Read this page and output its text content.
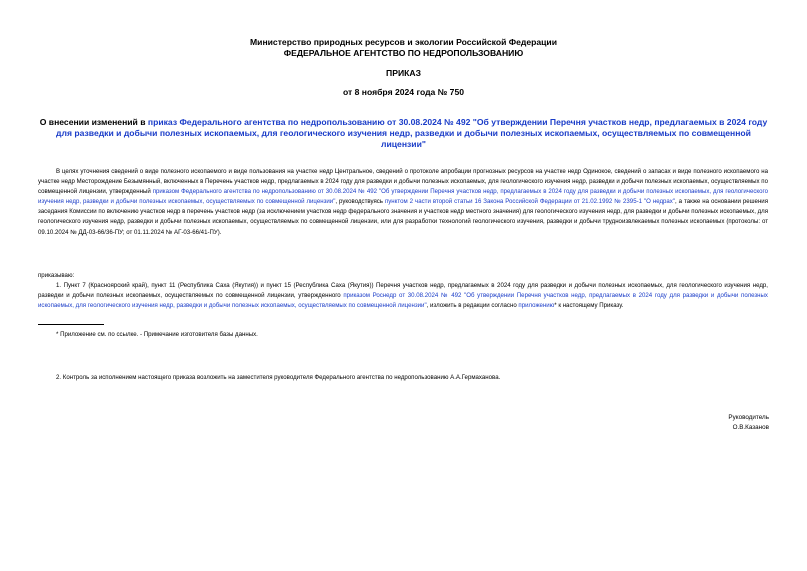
Министерство природных ресурсов и экологии Российской Федерации
ФЕДЕРАЛЬНОЕ АГЕНТСТВО ПО НЕДРОПОЛЬЗОВАНИЮ
ПРИКАЗ
от 8 ноября 2024 года № 750
О внесении изменений в приказ Федерального агентства по недропользованию от 30.08.2024 № 492 "Об утверждении Перечня участков недр, предлагаемых в 2024 году для разведки и добычи полезных ископаемых, для геологического изучения недр, разведки и добычи полезных ископаемых, осуществляемых по совмещенной лицензии"
В целях уточнения сведений о виде полезного ископаемого и виде пользования на участке недр Центральное, сведений о протоколе апробации прогнозных ресурсов на участке недр Одинокое, сведений о запасах и виде полезного ископаемого на участке недр Месторождение Безымянный, включенных в Перечень участков недр, предлагаемых в 2024 году для разведки и добычи полезных ископаемых, для геологического изучения недр, разведки и добычи полезных ископаемых, осуществляемых по совмещенной лицензии, утвержденный приказом Федерального агентства по недропользованию от 30.08.2024 № 492 "Об утверждении Перечня участков недр, предлагаемых в 2024 году для разведки и добычи полезных ископаемых, для геологического изучения недр, разведки и добычи полезных ископаемых, осуществляемых по совмещенной лицензии", руководствуясь пунктом 2 части второй статьи 16 Закона Российской Федерации от 21.02.1992 № 2395-1 "О недрах", а также на основании решения заседания Комиссии по включению участков недр в перечень участков недр (за исключением участков недр федерального значения и участков недр местного значения) для геологического изучения недр, для разведки и добычи полезных ископаемых, для геологического изучения недр, разведки и добычи полезных ископаемых, осуществляемых по совмещенной лицензии, или для разработки технологий геологического изучения, разведки и добычи трудноизвлекаемых полезных ископаемых (протоколы: от 09.10.2024 № ДД-03-66/36-ПУ; от 01.11.2024 № АГ-03-66/41-ПУ).
приказываю:
1. Пункт 7 (Красноярский край), пункт 11 (Республика Саха (Якутия)) и пункт 15 (Республика Саха (Якутия)) Перечня участков недр, предлагаемых в 2024 году для разведки и добычи полезных ископаемых, для геологического изучения недр, разведки и добычи полезных ископаемых, осуществляемых по совмещенной лицензии, утвержденного приказом Роснедр от 30.08.2024 № 492 "Об утверждении Перечня участков недр, предлагаемых в 2024 году для разведки и добычи полезных ископаемых, для геологического изучения недр, разведки и добычи полезных ископаемых, осуществляемых по совмещенной лицензии", изложить в редакции согласно приложению* к настоящему Приказу.
* Приложение см. по ссылке. - Примечание изготовителя базы данных.
2. Контроль за исполнением настоящего приказа возложить на заместителя руководителя Федерального агентства по недропользованию А.А.Гермаханова.
Руководитель
О.В.Казанов
